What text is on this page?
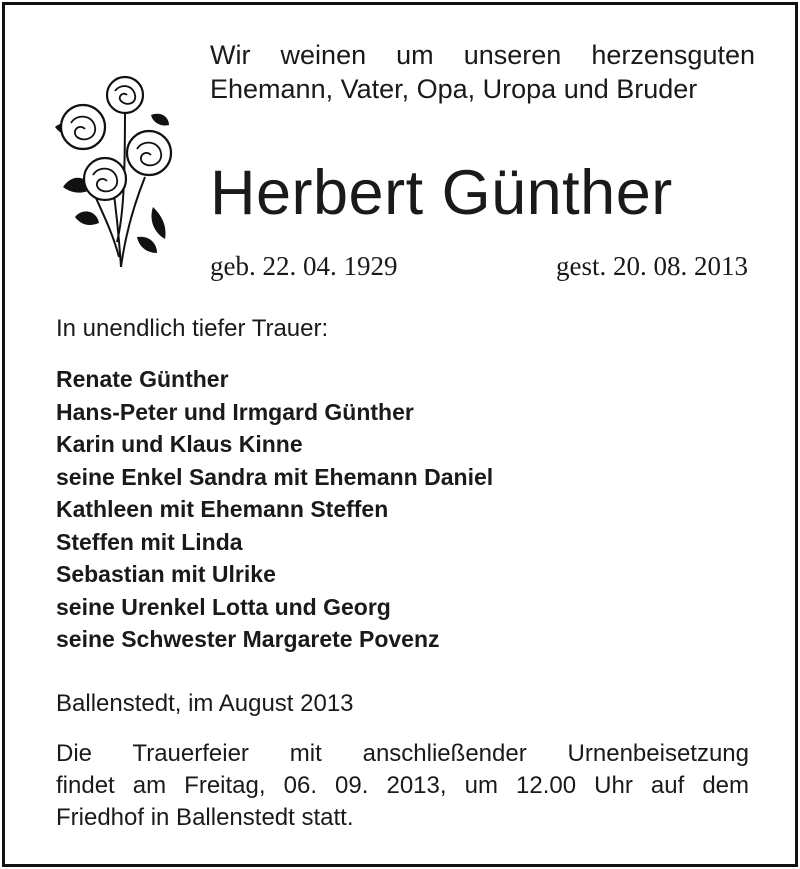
Wir weinen um unseren herzensguten
Ehemann, Vater, Opa, Uropa und Bruder
Herbert Günther
geb. 22. 04. 1929	gest. 20. 08. 2013
In unendlich tiefer Trauer:
Renate Günther
Hans-Peter und Irmgard Günther
Karin und Klaus Kinne
seine Enkel Sandra mit Ehemann Daniel
Kathleen mit Ehemann Steffen
Steffen mit Linda
Sebastian mit Ulrike
seine Urenkel Lotta und Georg
seine Schwester Margarete Povenz
Ballenstedt, im August 2013
Die Trauerfeier mit anschließender Urnenbeisetzung
findet am Freitag, 06. 09. 2013, um 12.00 Uhr auf dem
Friedhof in Ballenstedt statt.
